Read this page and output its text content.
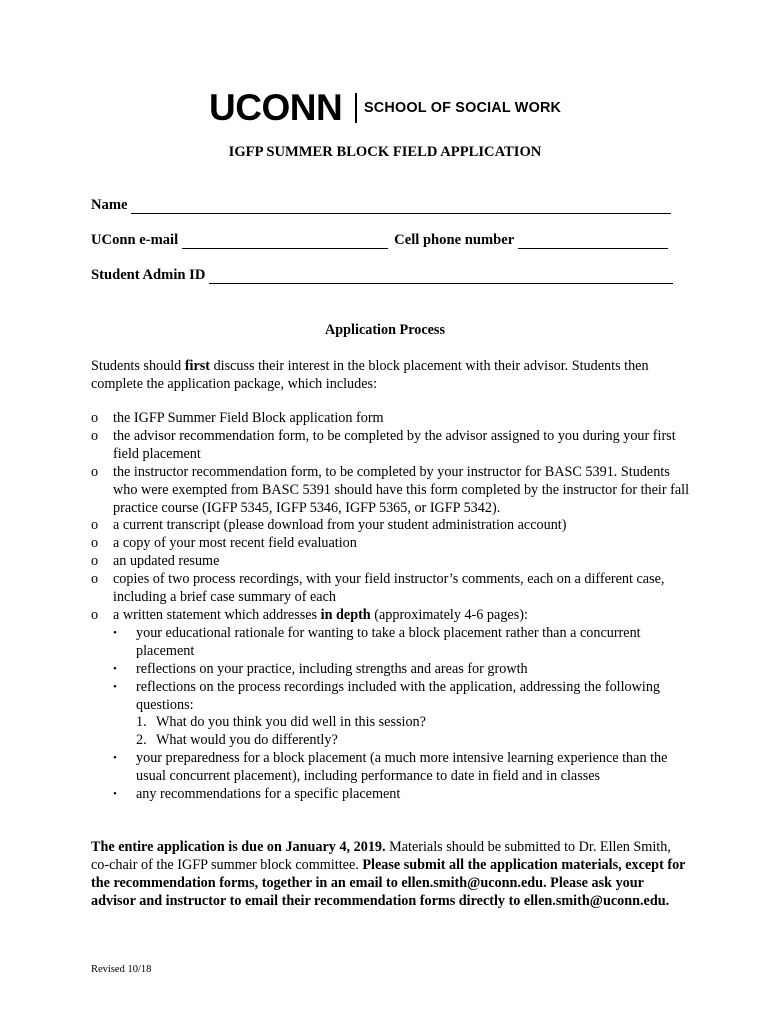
UCONN SCHOOL OF SOCIAL WORK
IGFP SUMMER BLOCK FIELD APPLICATION
Name
UConn e-mail	Cell phone number
Student Admin ID
Application Process
Students should first discuss their interest in the block placement with their advisor. Students then complete the application package, which includes:
o	the IGFP Summer Field Block application form
o	the advisor recommendation form, to be completed by the advisor assigned to you during your first field placement
o	the instructor recommendation form, to be completed by your instructor for BASC 5391. Students who were exempted from BASC 5391 should have this form completed by the instructor for their fall practice course (IGFP 5345, IGFP 5346, IGFP 5365, or IGFP 5342).
o	a current transcript (please download from your student administration account)
o	a copy of your most recent field evaluation
o	an updated resume
o	copies of two process recordings, with your field instructor’s comments, each on a different case, including a brief case summary of each
o	a written statement which addresses in depth (approximately 4-6 pages):
•	your educational rationale for wanting to take a block placement rather than a concurrent placement
•	reflections on your practice, including strengths and areas for growth
•	reflections on the process recordings included with the application, addressing the following questions:
1. What do you think you did well in this session?
2. What would you do differently?
•	your preparedness for a block placement (a much more intensive learning experience than the usual concurrent placement), including performance to date in field and in classes
•	any recommendations for a specific placement
The entire application is due on January 4, 2019. Materials should be submitted to Dr. Ellen Smith, co-chair of the IGFP summer block committee. Please submit all the application materials, except for the recommendation forms, together in an email to ellen.smith@uconn.edu. Please ask your advisor and instructor to email their recommendation forms directly to ellen.smith@uconn.edu.
Revised 10/18
